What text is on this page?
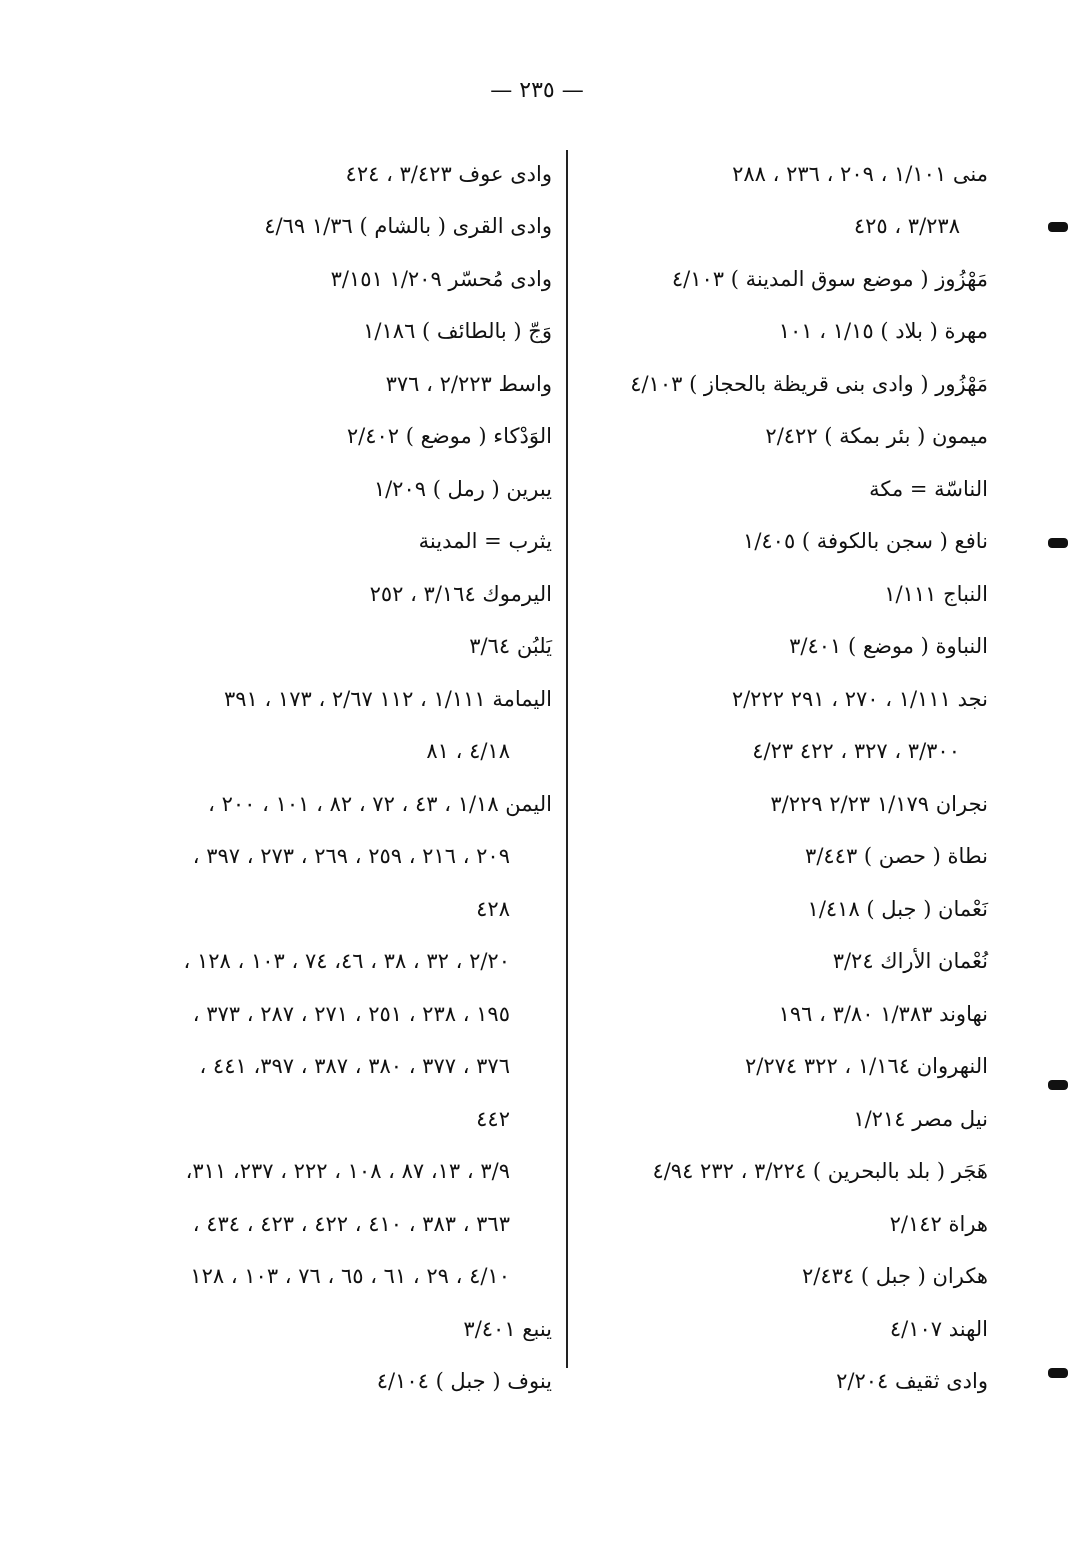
— ٢٣٥ —
منى ١/١٠١ ، ٢٠٩ ، ٢٣٦ ، ٢٨٨
٣/٢٣٨ ، ٤٢٥
مَهْزُوز ( موضع سوق المدينة ) ٤/١٠٣
مهرة ( بلاد ) ١/١٥ ، ١٠١
مَهْزُور ( وادى بنى قريظة بالحجاز ) ٤/١٠٣
ميمون ( بئر بمكة ) ٢/٤٢٢
الناسّة = مكة
نافع ( سجن بالكوفة ) ١/٤٠٥
النباج ١/١١١
النباوة ( موضع ) ٣/٤٠١
نجد ١/١١١ ، ٢٧٠ ، ٢٩١ ٢/٢٢٢
٣/٣٠٠ ، ٣٢٧ ، ٤٢٢ ٤/٢٣
نجران ١/١٧٩ ٢/٢٣ ٣/٢٢٩
نطاة ( حصن ) ٣/٤٤٣
نَعْمان ( جبل ) ١/٤١٨
نُعْمان الأراك ٣/٢٤
نهاوند ١/٣٨٣ ٣/٨٠ ، ١٩٦
النهروان ١/١٦٤ ، ٣٢٢ ٢/٢٧٤
نيل مصر ١/٢١٤
هَجَر ( بلد بالبحرين ) ٣/٢٢٤ ، ٢٣٢ ٤/٩٤
هراة ٢/١٤٢
هكران ( جبل ) ٢/٤٣٤
الهند ٤/١٠٧
وادى ثقيف ٢/٢٠٤
وادى عوف ٣/٤٢٣ ، ٤٢٤
وادى القرى ( بالشام ) ١/٣٦ ٤/٦٩
وادى مُحسّر ١/٢٠٩ ٣/١٥١
وَجّ ( بالطائف ) ١/١٨٦
واسط ٢/٢٢٣ ، ٣٧٦
الوَدْكاء ( موضع ) ٢/٤٠٢
يبرين ( رمل ) ١/٢٠٩
يثرب = المدينة
اليرموك ٣/١٦٤ ، ٢٥٢
يَلبُن ٣/٦٤
اليمامة ١/١١١ ، ١١٢ ٢/٦٧ ، ١٧٣ ، ٣٩١
٤/١٨ ، ٨١
اليمن ١/١٨ ، ٤٣ ، ٧٢ ، ٨٢ ، ١٠١ ، ٢٠٠ ،
٢٠٩ ، ٢١٦ ، ٢٥٩ ، ٢٦٩ ، ٢٧٣ ، ٣٩٧ ،
٤٢٨
٢/٢٠ ، ٣٢ ، ٣٨ ، ٤٦، ٧٤ ، ١٠٣ ، ١٢٨ ،
١٩٥ ، ٢٣٨ ، ٢٥١ ، ٢٧١ ، ٢٨٧ ، ٣٧٣ ،
٣٧٦ ، ٣٧٧ ، ٣٨٠ ، ٣٨٧ ، ٣٩٧، ٤٤١ ،
٤٤٢
٣/٩ ، ١٣، ٨٧ ، ١٠٨ ، ٢٢٢ ، ٢٣٧، ٣١١،
٣٦٣ ، ٣٨٣ ، ٤١٠ ، ٤٢٢ ، ٤٢٣ ، ٤٣٤ ،
٤/١٠ ، ٢٩ ، ٦١ ، ٦٥ ، ٧٦ ، ١٠٣ ، ١٢٨
ينبع ٣/٤٠١
ينوف ( جبل ) ٤/١٠٤
